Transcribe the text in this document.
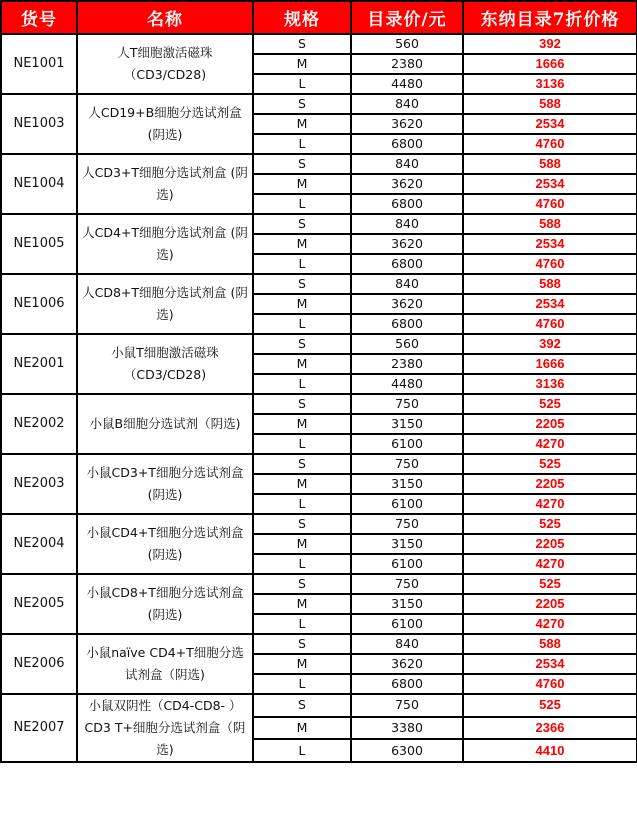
货号	名称	规格	目录价/元	东纳目录7折价格
NE1001	人T细胞激活磁珠（CD3/CD28)	S	560	392
		M	2380	1666
		L	4480	3136
NE1003	人CD19+B细胞分选试剂盒 (阴选)	S	840	588
		M	3620	2534
		L	6800	4760
NE1004	人CD3+T细胞分选试剂盒 (阴选)	S	840	588
		M	3620	2534
		L	6800	4760
NE1005	人CD4+T细胞分选试剂盒 (阴选)	S	840	588
		M	3620	2534
		L	6800	4760
NE1006	人CD8+T细胞分选试剂盒 (阴选)	S	840	588
		M	3620	2534
		L	6800	4760
NE2001	小鼠T细胞激活磁珠（CD3/CD28)	S	560	392
		M	2380	1666
		L	4480	3136
NE2002	小鼠B细胞分选试剂（阴选)	S	750	525
		M	3150	2205
		L	6100	4270
NE2003	小鼠CD3+T细胞分选试剂盒 (阴选)	S	750	525
		M	3150	2205
		L	6100	4270
NE2004	小鼠CD4+T细胞分选试剂盒 (阴选)	S	750	525
		M	3150	2205
		L	6100	4270
NE2005	小鼠CD8+T细胞分选试剂盒 (阴选)	S	750	525
		M	3150	2205
		L	6100	4270
NE2006	小鼠naïve CD4+T细胞分选试剂盒（阴选)	S	840	588
		M	3620	2534
		L	6800	4760
NE2007	小鼠双阴性（CD4-CD8- ）CD3 T+细胞分选试剂盒（阴选)	S	750	525
		M	3380	2366
		L	6300	4410
